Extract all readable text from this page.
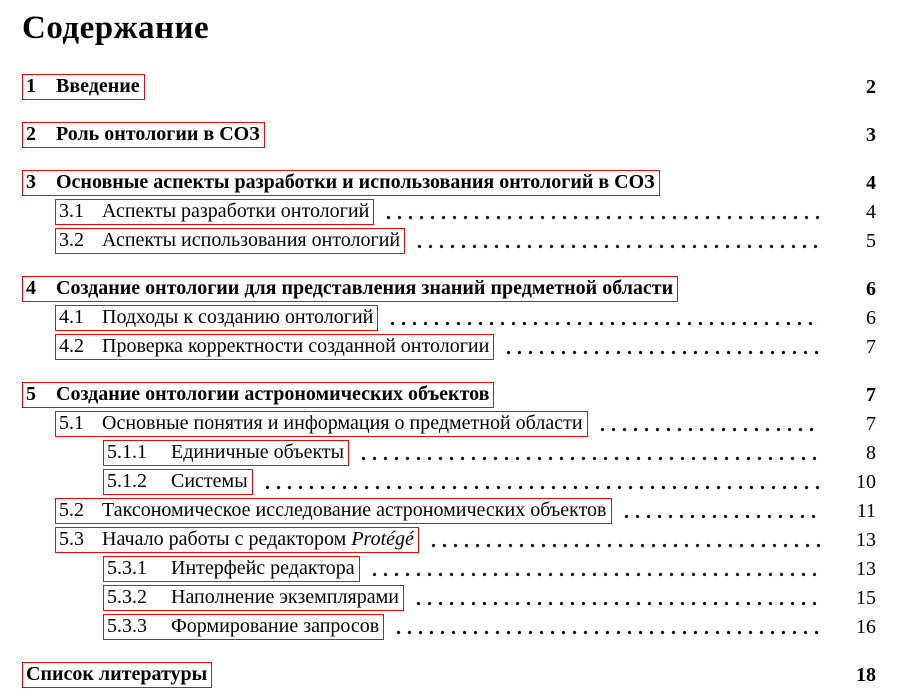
Содержание
1	Введение	2
2	Роль онтологии в СОЗ	3
3	Основные аспекты разработки и использования онтологий в СОЗ	4
3.1 Аспекты разработки онтологий	4
3.2 Аспекты использования онтологий	5
4	Создание онтологии для представления знаний предметной области	6
4.1 Подходы к созданию онтологий	6
4.2 Проверка корректности созданной онтологии	7
5	Создание онтологии астрономических объектов	7
5.1 Основные понятия и информация о предметной области	7
5.1.1	Единичные объекты	8
5.1.2	Системы	10
5.2 Таксономическое исследование астрономических объектов	11
5.3 Начало работы с редактором Protégé	13
5.3.1	Интерфейс редактора	13
5.3.2	Наполнение экземплярами	15
5.3.3	Формирование запросов	16
Список литературы	18
